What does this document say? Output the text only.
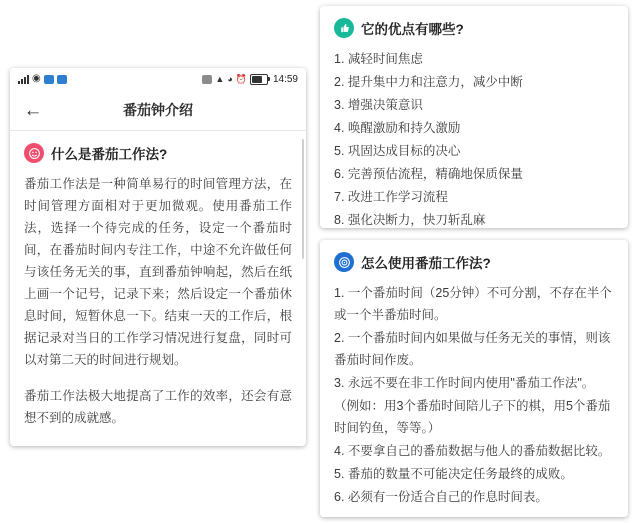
◉	▲ ◕ ⏰	14:59
←	番茄钟介绍
什么是番茄工作法?

番茄工作法是一种简单易行的时间管理方法，在时间管理方面相对于更加微观。使用番茄工作法，选择一个待完成的任务，设定一个番茄时间，在番茄时间内专注工作，中途不允许做任何与该任务无关的事，直到番茄钟响起，然后在纸上画一个记号，记录下来；然后设定一个番茄休息时间，短暂休息一下。结束一天的工作后，根据记录对当日的工作学习情况进行复盘，同时可以对第二天的时间进行规划。

番茄工作法极大地提高了工作的效率，还会有意想不到的成就感。

它的优点有哪些?
1. 减轻时间焦虑
2. 提升集中力和注意力，减少中断
3. 增强决策意识
4. 唤醒激励和持久激励
5. 巩固达成目标的决心
6. 完善预估流程，精确地保质保量
7. 改进工作学习流程
8. 强化决断力，快刀斩乱麻
怎么使用番茄工作法?
1. 一个番茄时间（25分钟）不可分割，不存在半个或一个半番茄时间。
2. 一个番茄时间内如果做与任务无关的事情，则该番茄时间作废。
3. 永远不要在非工作时间内使用"番茄工作法"。
（例如：用3个番茄时间陪儿子下的棋，用5个番茄时间钓鱼，等等。）
4. 不要拿自己的番茄数据与他人的番茄数据比较。
5. 番茄的数量不可能决定任务最终的成败。
6. 必须有一份适合自己的作息时间表。
